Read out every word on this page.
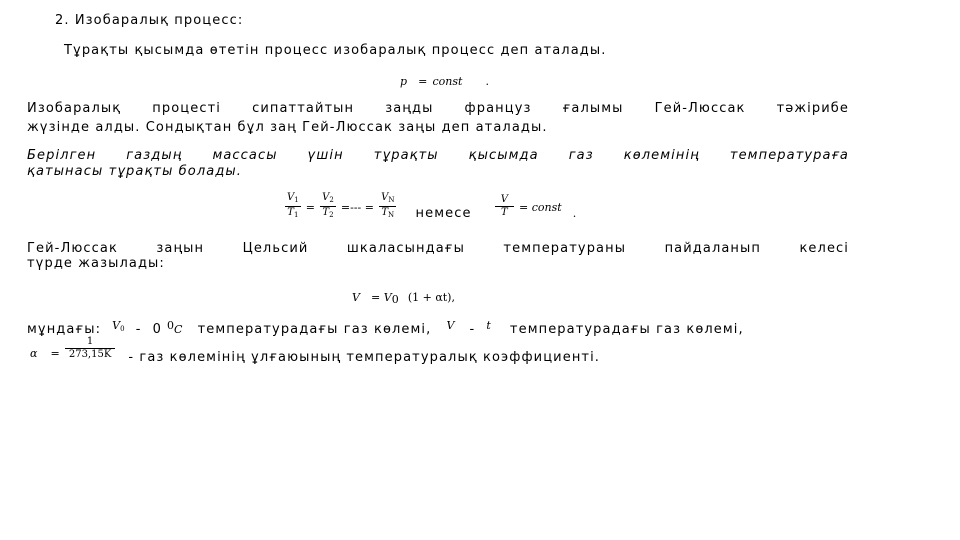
2. Изобаралық процесс:
Тұрақты қысымда өтетін процесс изобаралық процесс деп аталады.
p = const .
Изобаралық процесті сипаттайтын заңды француз ғалымы Гей-Люссак тәжірибе
жүзінде алды. Сондықтан бұл заң Гей-Люссак заңы деп аталады.
Берілген газдың массасы үшін тұрақты қысымда газ көлемінің температураға
қатынасы тұрақты болады.
$\frac{V_1}{T_1} = \frac{V_2}{T_2}$ =--- = $\frac{V_N}{T_N} _{немесе} \frac{V}{T}$ = const $_.$
Гей-Люссак заңын Цельсий шкаласындағы температураны пайдаланып келесі
түрде жазылады:
$V = V_0$ (1 + αt),
мұндағы: $^{V_0}$ - 0 $^0$C температурадағы газ көлемі, $^V$ - $^t$ температурадағы газ көлемі,
$_\alpha$ $_= \frac{1}{273,15K} _{- газ көлемінің ұлғаюының температуралық коэффициенті.}$
